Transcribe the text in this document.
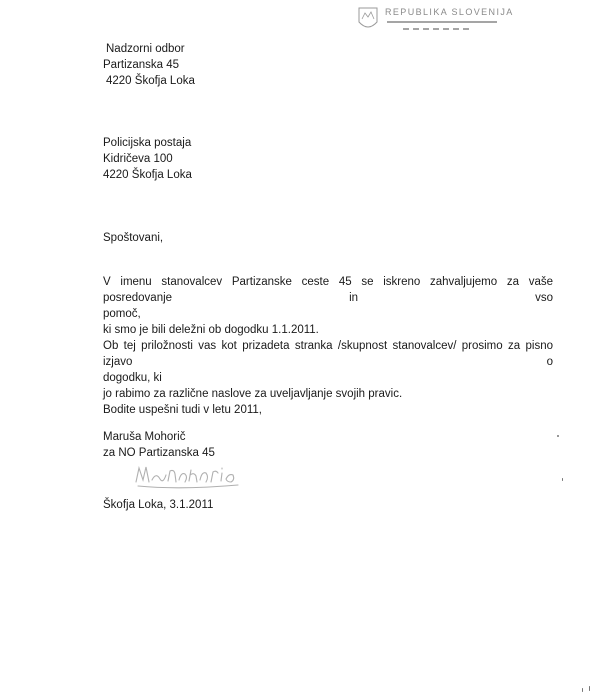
REPUBLIKA SLOVENIJA
Nadzorni odbor
Partizanska 45
4220 Škofja Loka
Policijska postaja
Kidričeva 100
4220 Škofja Loka
Spoštovani,
V imenu stanovalcev Partizanske ceste 45 se iskreno zahvaljujemo za vaše posredovanje in vso
pomoč,
ki smo je bili deležni ob dogodku 1.1.2011.
Ob tej priložnosti vas kot prizadeta stranka /skupnost stanovalcev/ prosimo za pisno izjavo o
dogodku, ki
jo rabimo za različne naslove za uveljavljanje svojih pravic.
Bodite uspešni tudi v letu 2011,
Maruša Mohorič
za NO Partizanska 45
Mohorič
Škofja Loka, 3.1.2011
